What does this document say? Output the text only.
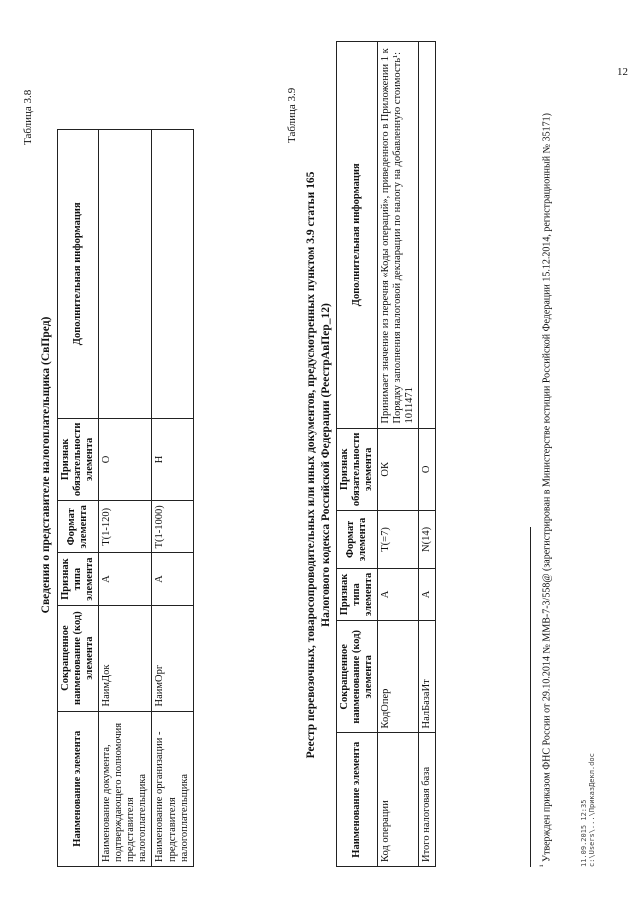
12
Таблица 3.8
Сведения о представителе налогоплательщика (СвПред)
Наименование элемента	Сокращенное наименование (код) элемента	Признак типа элемента	Формат элемента	Признак обязательности элемента	Дополнительная информация
Наименование документа, подтверждающего полномочия представителя налогоплательщика	НаимДок	А	Т(1-120)	О	
Наименование организации - представителя налогоплательщика	НаимОрг	А	Т(1-1000)	Н	
Таблица 3.9
Реестр перевозочных, товаросопроводительных или иных документов, предусмотренных пунктом 3.9 статьи 165 Налогового кодекса Российской Федерации (РеестрАвПер_12)
Наименование элемента	Сокращенное наименование (код) элемента	Признак типа элемента	Формат элемента	Признак обязательности элемента	Дополнительная информация
Код операции	КодОпер	А	T(=7)	ОК	Принимает значение из перечня «Коды операций», приведенного в Приложении 1 к Порядку заполнения налоговой декларации по налогу на добавленную стоимость¹: 1011471
Итого налоговая база	НалБазаИт	А	N(14)	О	
$^{^1}$ Утвержден приказом ФНС России от 29.10.2014 № ММВ-7-3/558@ (зарегистрирован в Министерстве юстиции Российской Федерации 15.12.2014, регистрационный № 35171)	11.09.2015 12:35 c:\Users\...\ПриказДекл.doc
